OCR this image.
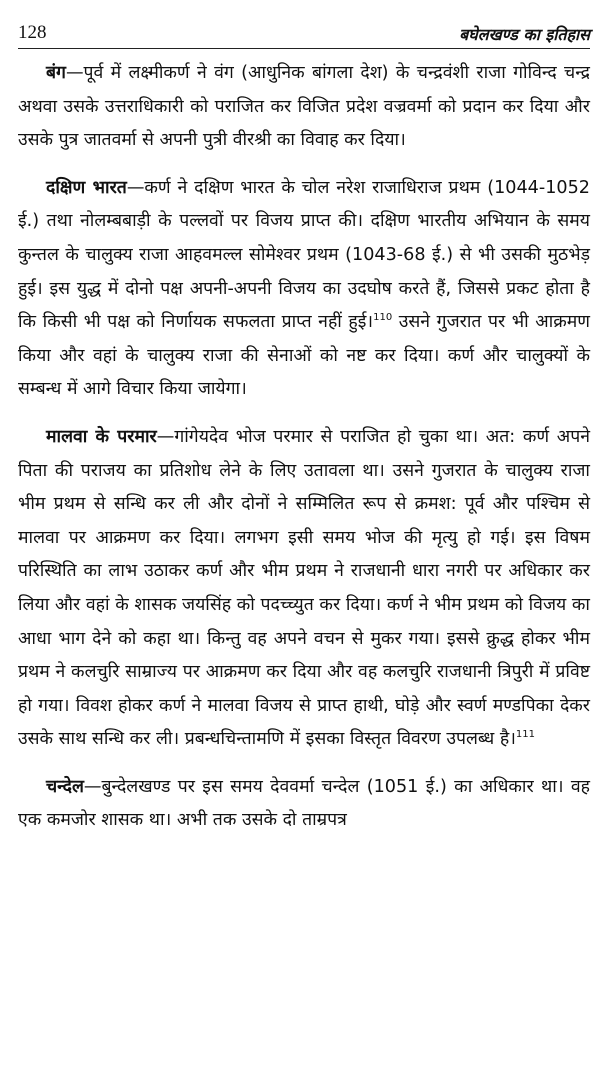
128	बघेलखण्ड का इतिहास

बंग—पूर्व में लक्ष्मीकर्ण ने वंग (आधुनिक बांगला देश) के चन्द्रवंशी राजा गोविन्द चन्द्र अथवा उसके उत्तराधिकारी को पराजित कर विजित प्रदेश वज्रवर्मा को प्रदान कर दिया और उसके पुत्र जातवर्मा से अपनी पुत्री वीरश्री का विवाह कर दिया।

दक्षिण भारत—कर्ण ने दक्षिण भारत के चोल नरेश राजाधिराज प्रथम (1044-1052 ई.) तथा नोलम्बबाड़ी के पल्लवों पर विजय प्राप्त की। दक्षिण भारतीय अभियान के समय कुन्तल के चालुक्य राजा आहवमल्ल सोमेश्वर प्रथम (1043-68 ई.) से भी उसकी मुठभेड़ हुई। इस युद्ध में दोनो पक्ष अपनी-अपनी विजय का उदघोष करते हैं, जिससे प्रकट होता है कि किसी भी पक्ष को निर्णायक सफलता प्राप्त नहीं हुई।$^{110}$ उसने गुजरात पर भी आक्रमण किया और वहां के चालुक्य राजा की सेनाओं को नष्ट कर दिया। कर्ण और चालुक्यों के सम्बन्ध में आगे विचार किया जायेगा।

मालवा के परमार—गांगेयदेव भोज परमार से पराजित हो चुका था। अत: कर्ण अपने पिता की पराजय का प्रतिशोध लेने के लिए उतावला था। उसने गुजरात के चालुक्य राजा भीम प्रथम से सन्धि कर ली और दोनों ने सम्मिलित रूप से क्रमश: पूर्व और पश्चिम से मालवा पर आक्रमण कर दिया। लगभग इसी समय भोज की मृत्यु हो गई। इस विषम परिस्थिति का लाभ उठाकर कर्ण और भीम प्रथम ने राजधानी धारा नगरी पर अधिकार कर लिया और वहां के शासक जयसिंह को पदच्च्युत कर दिया। कर्ण ने भीम प्रथम को विजय का आधा भाग देने को कहा था। किन्तु वह अपने वचन से मुकर गया। इससे क्रुद्ध होकर भीम प्रथम ने कलचुरि साम्राज्य पर आक्रमण कर दिया और वह कलचुरि राजधानी त्रिपुरी में प्रविष्ट हो गया। विवश होकर कर्ण ने मालवा विजय से प्राप्त हाथी, घोड़े और स्वर्ण मण्डपिका देकर उसके साथ सन्धि कर ली। प्रबन्धचिन्तामणि में इसका विस्तृत विवरण उपलब्ध है।$^{111}$

चन्देल—बुन्देलखण्ड पर इस समय देववर्मा चन्देल (1051 ई.) का अधिकार था। वह एक कमजोर शासक था। अभी तक उसके दो ताम्रपत्र
